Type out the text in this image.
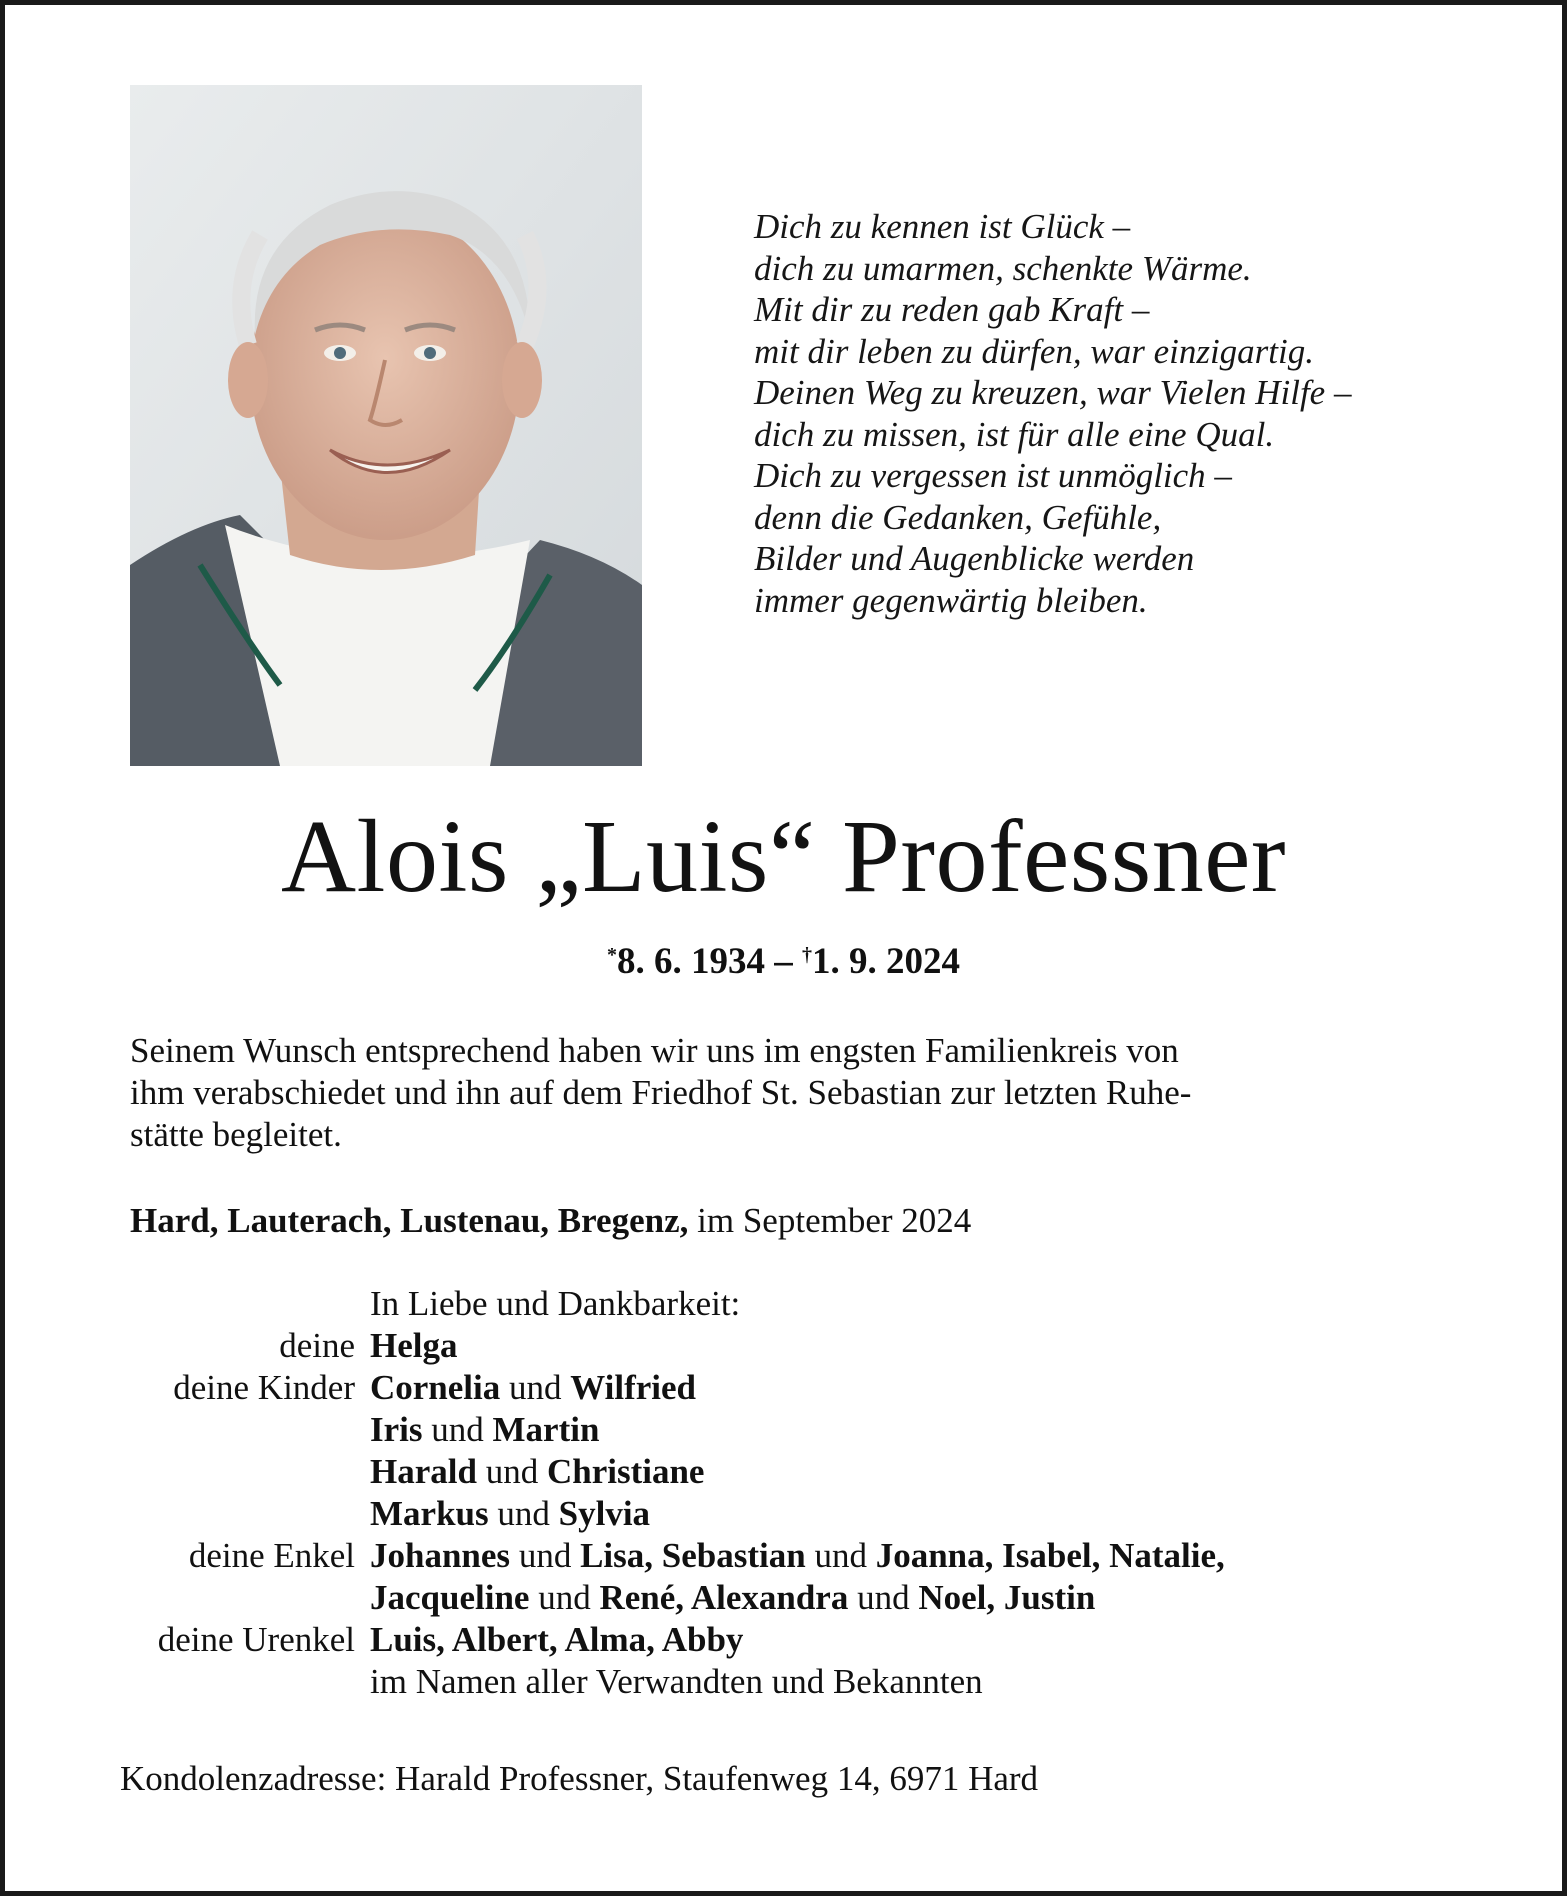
Dich zu kennen ist Glück –
dich zu umarmen, schenkte Wärme.
Mit dir zu reden gab Kraft –
mit dir leben zu dürfen, war einzigartig.
Deinen Weg zu kreuzen, war Vielen Hilfe –
dich zu missen, ist für alle eine Qual.
Dich zu vergessen ist unmöglich –
denn die Gedanken, Gefühle,
Bilder und Augenblicke werden
immer gegenwärtig bleiben.
Alois „Luis“ Professner
*8. 6. 1934 – †1. 9. 2024
Seinem Wunsch entsprechend haben wir uns im engsten Familienkreis von
ihm verabschiedet und ihn auf dem Friedhof St. Sebastian zur letzten Ruhe-
stätte begleitet.
Hard, Lauterach, Lustenau, Bregenz, im September 2024
In Liebe und Dankbarkeit:
deine Helga
deine Kinder Cornelia und Wilfried
Iris und Martin
Harald und Christiane
Markus und Sylvia
deine Enkel Johannes und Lisa, Sebastian und Joanna, Isabel, Natalie,
Jacqueline und René, Alexandra und Noel, Justin
deine Urenkel Luis, Albert, Alma, Abby
im Namen aller Verwandten und Bekannten
Kondolenzadresse: Harald Professner, Staufenweg 14, 6971 Hard
